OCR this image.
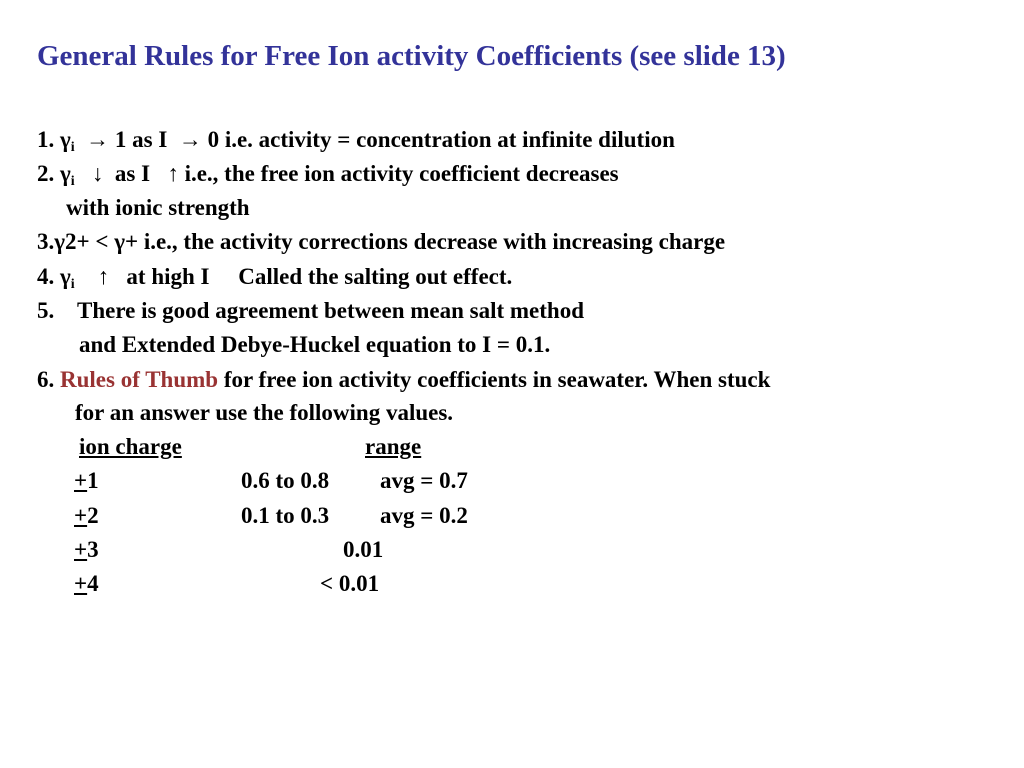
General Rules for Free Ion activity Coefficients (see slide 13)
1. $\gamma_i \to 1$ as I → 0 i.e. activity = concentration at infinite dilution
2. $\gamma_i$ ↓ as I ↑ i.e., the free ion activity coefficient decreases
with ionic strength
3.γ2+ < γ+ i.e., the activity corrections decrease with increasing charge
4. $\gamma_i$ ↑ at high I Called the salting out effect.
5. There is good agreement between mean salt method
and Extended Debye-Huckel equation to I = 0.1.
6. Rules of Thumb for free ion activity coefficients in seawater. When stuck
for an answer use the following values.
ion charge	range
+1	0.6 to 0.8 avg = 0.7
+2	0.1 to 0.3 avg = 0.2
+3	0.01
+4	< 0.01
